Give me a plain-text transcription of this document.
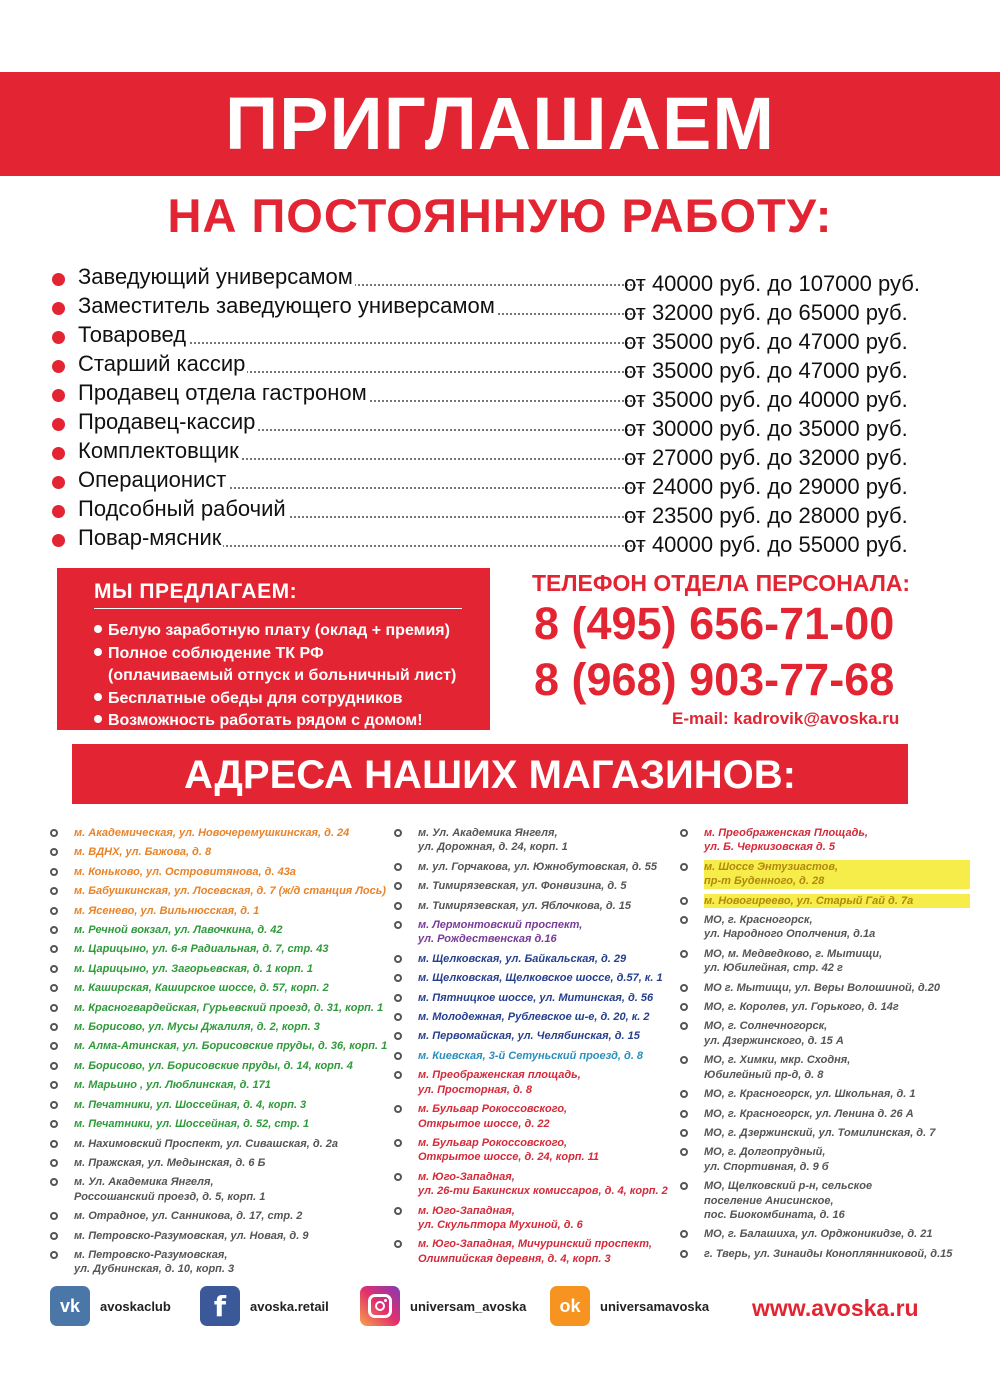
ПРИГЛАШАЕМ
НА ПОСТОЯННУЮ РАБОТУ:
Заведующий универсамом	от 40000 руб. до 107000 руб.
Заместитель заведующего универсамом	от 32000 руб. до 65000 руб.
Товаровед	от 35000 руб. до 47000 руб.
Старший кассир	от 35000 руб. до 47000 руб.
Продавец отдела гастроном	от 35000 руб. до 40000 руб.
Продавец-кассир	от 30000 руб. до 35000 руб.
Комплектовщик	от 27000 руб. до 32000 руб.
Операционист	от 24000 руб. до 29000 руб.
Подсобный рабочий	от 23500 руб. до 28000 руб.
Повар-мясник	от 40000 руб. до 55000 руб.
МЫ ПРЕДЛАГАЕМ:
Белую заработную плату (оклад + премия)
Полное соблюдение ТК РФ
(оплачиваемый отпуск и больничный лист)
Бесплатные обеды для сотрудников
Возможность работать рядом с домом!
ТЕЛЕФОН ОТДЕЛА ПЕРСОНАЛА:
8 (495) 656-71-00
8 (968) 903-77-68
E-mail: kadrovik@avoska.ru
АДРЕСА НАШИХ МАГАЗИНОВ:
м. Академическая, ул. Новочеремушкинская, д. 24
м. ВДНХ, ул. Бажова, д. 8
м. Коньково, ул. Островитянова, д. 43а
м. Бабушкинская, ул. Лосевская, д. 7 (ж/д станция Лось)
м. Ясенево, ул. Вильнюсская, д. 1
м. Речной вокзал, ул. Лавочкина, д. 42
м. Царицыно, ул. 6-я Радиальная, д. 7, стр. 43
м. Царицыно, ул. Загорьевская, д. 1 корп. 1
м. Каширская, Каширское шоссе, д. 57, корп. 2
м. Красногвардейская, Гурьевский проезд, д. 31, корп. 1
м. Борисово, ул. Мусы Джалиля, д. 2, корп. 3
м. Алма-Атинская, ул. Борисовские пруды, д. 36, корп. 1
м. Борисово, ул. Борисовские пруды, д. 14, корп. 4
м. Марьино , ул. Люблинская, д. 171
м. Печатники, ул. Шоссейная, д. 4, корп. 3
м. Печатники, ул. Шоссейная, д. 52, стр. 1
м. Нахимовский Проспект, ул. Сивашская, д. 2а
м. Пражская, ул. Медынская, д. 6 Б
м. Ул. Академика Янгеля,
Россошанский проезд, д. 5, корп. 1
м. Отрадное, ул. Санникова, д. 17, стр. 2
м. Петровско-Разумовская, ул. Новая, д. 9
м. Петровско-Разумовская,
ул. Дубнинская, д. 10, корп. 3
м. Ул. Академика Янгеля,
ул. Дорожная, д. 24, корп. 1
м. ул. Горчакова, ул. Южнобутовская, д. 55
м. Тимирязевская, ул. Фонвизина, д. 5
м. Тимирязевская, ул. Яблочкова, д. 15
м. Лермонтовский проспект,
ул. Рождественская д.16
м. Щелковская, ул. Байкальская, д. 29
м. Щелковская, Щелковское шоссе, д.57, к. 1
м. Пятницкое шоссе, ул. Митинская, д. 56
м. Молодежная, Рублевское ш-е, д. 20, к. 2
м. Первомайская, ул. Челябинская, д. 15
м. Киевская, 3-й Сетуньский проезд, д. 8
м. Преображенская площадь,
ул. Просторная, д. 8
м. Бульвар Рокоссовского,
Открытое шоссе, д. 22
м. Бульвар Рокоссовского,
Открытое шоссе, д. 24, корп. 11
м. Юго-Западная,
ул. 26-ти Бакинских комиссаров, д. 4, корп. 2
м. Юго-Западная,
ул. Скульптора Мухиной, д. 6
м. Юго-Западная, Мичуринский проспект,
Олимпийская деревня, д. 4, корп. 3
м. Преображенская Площадь,
ул. Б. Черкизовская д. 5
м. Шоссе Энтузиастов,
пр-т Буденного, д. 28
м. Новогиреево, ул. Старый Гай д. 7а
МО, г. Красногорск,
ул. Народного Ополчения, д.1а
МО, м. Медведково, г. Мытищи,
ул. Юбилейная, стр. 42 г
МО г. Мытищи, ул. Веры Волошиной, д.20
МО, г. Королев, ул. Горького, д. 14г
МО, г. Солнечногорск,
ул. Дзержинского, д. 15 А
МО, г. Химки, мкр. Сходня,
Юбилейный пр-д, д. 8
МО, г. Красногорск, ул. Школьная, д. 1
МО, г. Красногорск, ул. Ленина д. 26 А
МО, г. Дзержинский, ул. Томилинская, д. 7
МО, г. Долгопрудный,
ул. Спортивная, д. 9 б
МО, Щелковский р-н, сельское
поселение Анисинское,
пос. Биокомбината, д. 16
МО, г. Балашиха, ул. Орджоникидзе, д. 21
г. Тверь, ул. Зинаиды Коноплянниковой, д.15
vk	avoskaclub	f	avoska.retail	universam_avoska	ok	universamavoska www.avoska.ru
